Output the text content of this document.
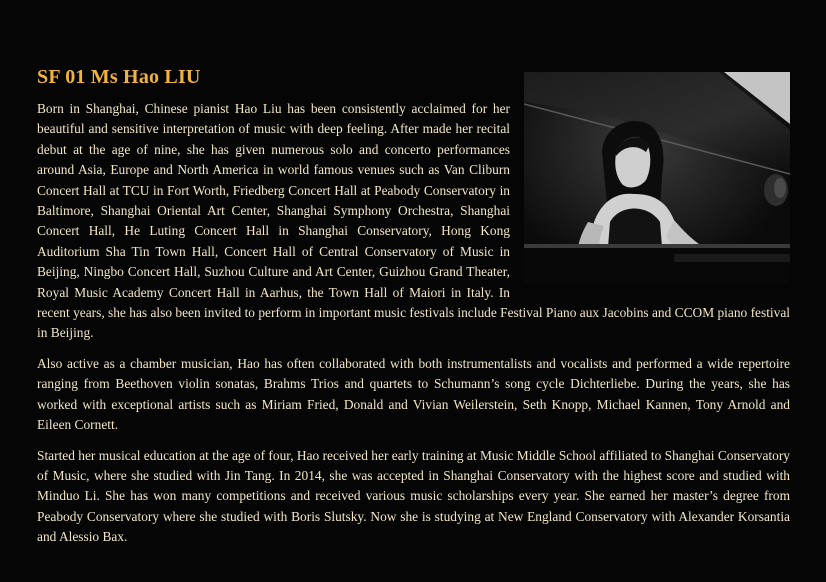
SF 01 Ms Hao LIU

Born in Shanghai, Chinese pianist Hao Liu has been consistently acclaimed for her beautiful and sensitive interpretation of music with deep feeling. After made her recital debut at the age of nine, she has given numerous solo and concerto performances around Asia, Europe and North America in world famous venues such as Van Cliburn Concert Hall at TCU in Fort Worth, Friedberg Concert Hall at Peabody Conservatory in Baltimore, Shanghai Oriental Art Center, Shanghai Symphony Orchestra, Shanghai Concert Hall, He Luting Concert Hall in Shanghai Conservatory, Hong Kong Auditorium Sha Tin Town Hall, Concert Hall of Central Conservatory of Music in Beijing, Ningbo Concert Hall, Suzhou Culture and Art Center, Guizhou Grand Theater, Royal Music Academy Concert Hall in Aarhus, the Town Hall of Maiori in Italy. In recent years, she has also been invited to perform in important music festivals include Festival Piano aux Jacobins and CCOM piano festival in Beijing.

Also active as a chamber musician, Hao has often collaborated with both instrumentalists and vocalists and performed a wide repertoire ranging from Beethoven violin sonatas, Brahms Trios and quartets to Schumann’s song cycle Dichterliebe. During the years, she has worked with exceptional artists such as Miriam Fried, Donald and Vivian Weilerstein, Seth Knopp, Michael Kannen, Tony Arnold and Eileen Cornett.

Started her musical education at the age of four, Hao received her early training at Music Middle School affiliated to Shanghai Conservatory of Music, where she studied with Jin Tang. In 2014, she was accepted in Shanghai Conservatory with the highest score and studied with Minduo Li. She has won many competitions and received various music scholarships every year. She earned her master’s degree from Peabody Conservatory where she studied with Boris Slutsky. Now she is studying at New England Conservatory with Alexander Korsantia and Alessio Bax.
